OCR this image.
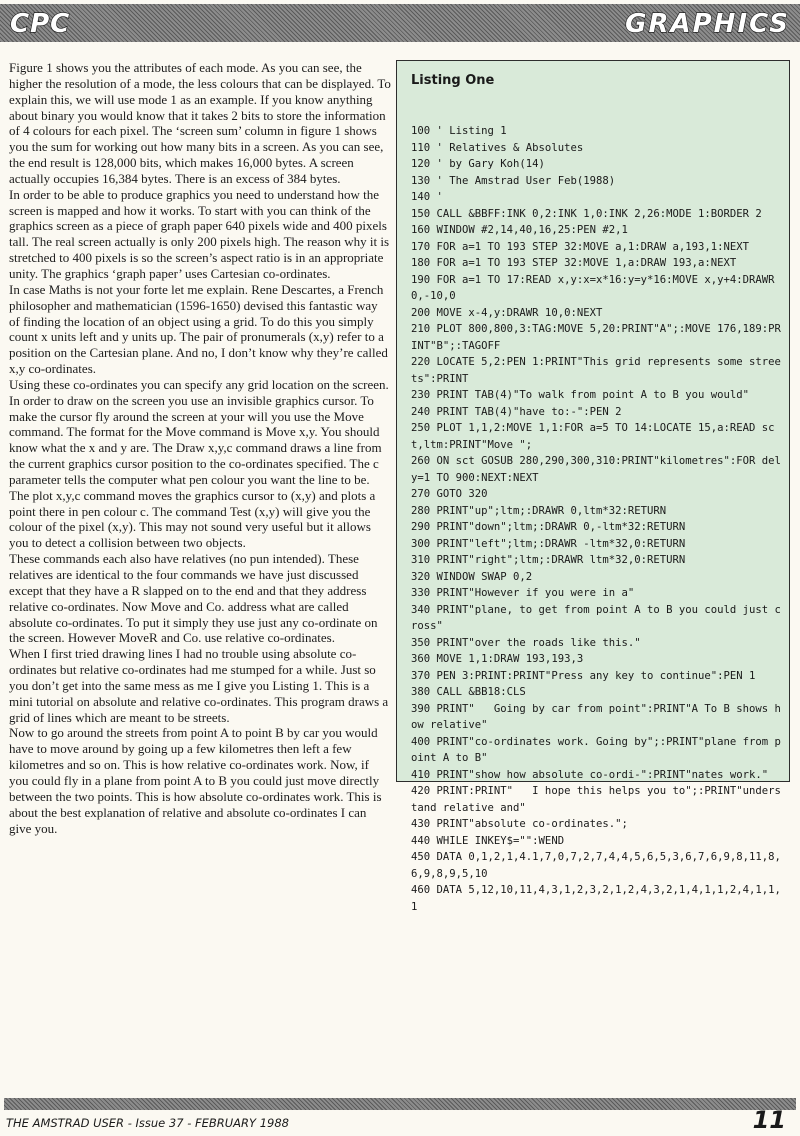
CPC	GRAPHICS

Figure 1 shows you the attributes of each mode. As you can see, the higher the resolution of a mode, the less colours that can be displayed. To explain this, we will use mode 1 as an example. If you know anything about binary you would know that it takes 2 bits to store the information of 4 colours for each pixel. The ‘screen sum’ column in figure 1 shows you the sum for working out how many bits in a screen. As you can see, the end result is 128,000 bits, which makes 16,000 bytes. A screen actually occupies 16,384 bytes. There is an excess of 384 bytes.

In order to be able to produce graphics you need to understand how the screen is mapped and how it works. To start with you can think of the graphics screen as a piece of graph paper 640 pixels wide and 400 pixels tall. The real screen actually is only 200 pixels high. The reason why it is stretched to 400 pixels is so the screen’s aspect ratio is in an appropriate unity. The graphics ‘graph paper’ uses Cartesian co-ordinates.

In case Maths is not your forte let me explain. Rene Descartes, a French philosopher and mathematician (1596-1650) devised this fantastic way of finding the location of an object using a grid. To do this you simply count x units left and y units up. The pair of pronumerals (x,y) refer to a position on the Cartesian plane. And no, I don’t know why they’re called x,y co-ordinates.

Using these co-ordinates you can specify any grid location on the screen. In order to draw on the screen you use an invisible graphics cursor. To make the cursor fly around the screen at your will you use the Move command. The format for the Move command is Move x,y. You should know what the x and y are. The Draw x,y,c command draws a line from the current graphics cursor position to the co-ordinates specified. The c parameter tells the computer what pen colour you want the line to be.

The plot x,y,c command moves the graphics cursor to (x,y) and plots a point there in pen colour c. The command Test (x,y) will give you the colour of the pixel (x,y). This may not sound very useful but it allows you to detect a collision between two objects.

These commands each also have relatives (no pun intended). These relatives are identical to the four commands we have just discussed except that they have a R slapped on to the end and that they address relative co-ordinates. Now Move and Co. address what are called absolute co-ordinates. To put it simply they use just any co-ordinate on the screen. However MoveR and Co. use relative co-ordinates.

When I first tried drawing lines I had no trouble using absolute co-ordinates but relative co-ordinates had me stumped for a while. Just so you don’t get into the same mess as me I give you Listing 1. This is a mini tutorial on absolute and relative co-ordinates. This program draws a grid of lines which are meant to be streets.

Now to go around the streets from point A to point B by car you would have to move around by going up a few kilometres then left a few kilometres and so on. This is how relative co-ordinates work. Now, if you could fly in a plane from point A to B you could just move directly between the two points. This is how absolute co-ordinates work. This is about the best explanation of relative and absolute co-ordinates I can give you.

Listing One
100 ' Listing 1
110 ' Relatives & Absolutes
120 ' by Gary Koh(14)
130 ' The Amstrad User Feb(1988)
140 '
150 CALL &BBFF:INK 0,2:INK 1,0:INK 2,26:MODE 1:BORDER 2
160 WINDOW #2,14,40,16,25:PEN #2,1
170 FOR a=1 TO 193 STEP 32:MOVE a,1:DRAW a,193,1:NEXT
180 FOR a=1 TO 193 STEP 32:MOVE 1,a:DRAW 193,a:NEXT
190 FOR a=1 TO 17:READ x,y:x=x*16:y=y*16:MOVE x,y+4:DRAWR 0,-10,0
200 MOVE x-4,y:DRAWR 10,0:NEXT
210 PLOT 800,800,3:TAG:MOVE 5,20:PRINT"A";:MOVE 176,189:PRINT"B";:TAGOFF
220 LOCATE 5,2:PEN 1:PRINT"This grid represents some streets":PRINT
230 PRINT TAB(4)"To walk from point A to B you would"
240 PRINT TAB(4)"have to:-":PEN 2
250 PLOT 1,1,2:MOVE 1,1:FOR a=5 TO 14:LOCATE 15,a:READ sct,ltm:PRINT"Move ";
260 ON sct GOSUB 280,290,300,310:PRINT"kilometres":FOR dely=1 TO 900:NEXT:NEXT
270 GOTO 320
280 PRINT"up";ltm;:DRAWR 0,ltm*32:RETURN
290 PRINT"down";ltm;:DRAWR 0,-ltm*32:RETURN
300 PRINT"left";ltm;:DRAWR -ltm*32,0:RETURN
310 PRINT"right";ltm;:DRAWR ltm*32,0:RETURN
320 WINDOW SWAP 0,2
330 PRINT"However if you were in a"
340 PRINT"plane, to get from point A to B you could just cross"
350 PRINT"over the roads like this."
360 MOVE 1,1:DRAW 193,193,3
370 PEN 3:PRINT:PRINT"Press any key to continue":PEN 1
380 CALL &BB18:CLS
390 PRINT"   Going by car from point":PRINT"A To B shows how relative"
400 PRINT"co-ordinates work. Going by";:PRINT"plane from point A to B"
410 PRINT"show how absolute co-ordi-":PRINT"nates work."
420 PRINT:PRINT"   I hope this helps you to";:PRINT"understand relative and"
430 PRINT"absolute co-ordinates.";
440 WHILE INKEY$="":WEND
450 DATA 0,1,2,1,4.1,7,0,7,2,7,4,4,5,6,5,3,6,7,6,9,8,11,8,6,9,8,9,5,10
460 DATA 5,12,10,11,4,3,1,2,3,2,1,2,4,3,2,1,4,1,1,2,4,1,1,1
THE AMSTRAD USER - Issue 37 - FEBRUARY 1988	11
